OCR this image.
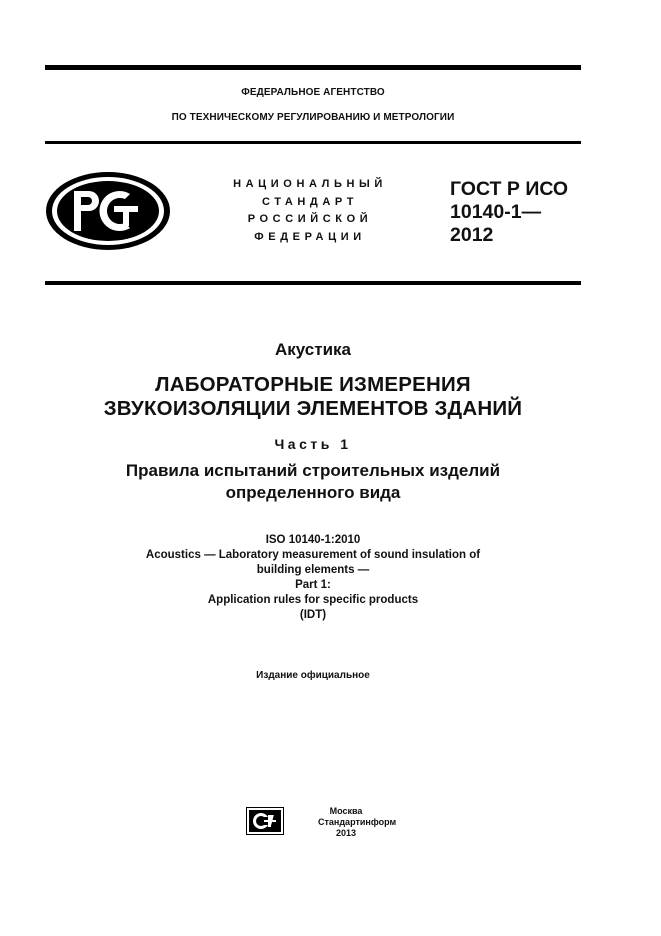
ФЕДЕРАЛЬНОЕ АГЕНТСТВО
ПО ТЕХНИЧЕСКОМУ РЕГУЛИРОВАНИЮ И МЕТРОЛОГИИ
НАЦИОНАЛЬНЫЙ
СТАНДАРТ
РОССИЙСКОЙ
ФЕДЕРАЦИИ
ГОСТ Р ИСО
10140-1—
2012
Акустика
ЛАБОРАТОРНЫЕ ИЗМЕРЕНИЯ
ЗВУКОИЗОЛЯЦИИ ЭЛЕМЕНТОВ ЗДАНИЙ
Часть 1
Правила испытаний строительных изделий
определенного вида
ISO 10140-1:2010
Acoustics — Laboratory measurement of sound insulation of
building elements —
Part 1:
Application rules for specific products
(IDT)
Издание официальное
Москва
Стандартинформ
2013
